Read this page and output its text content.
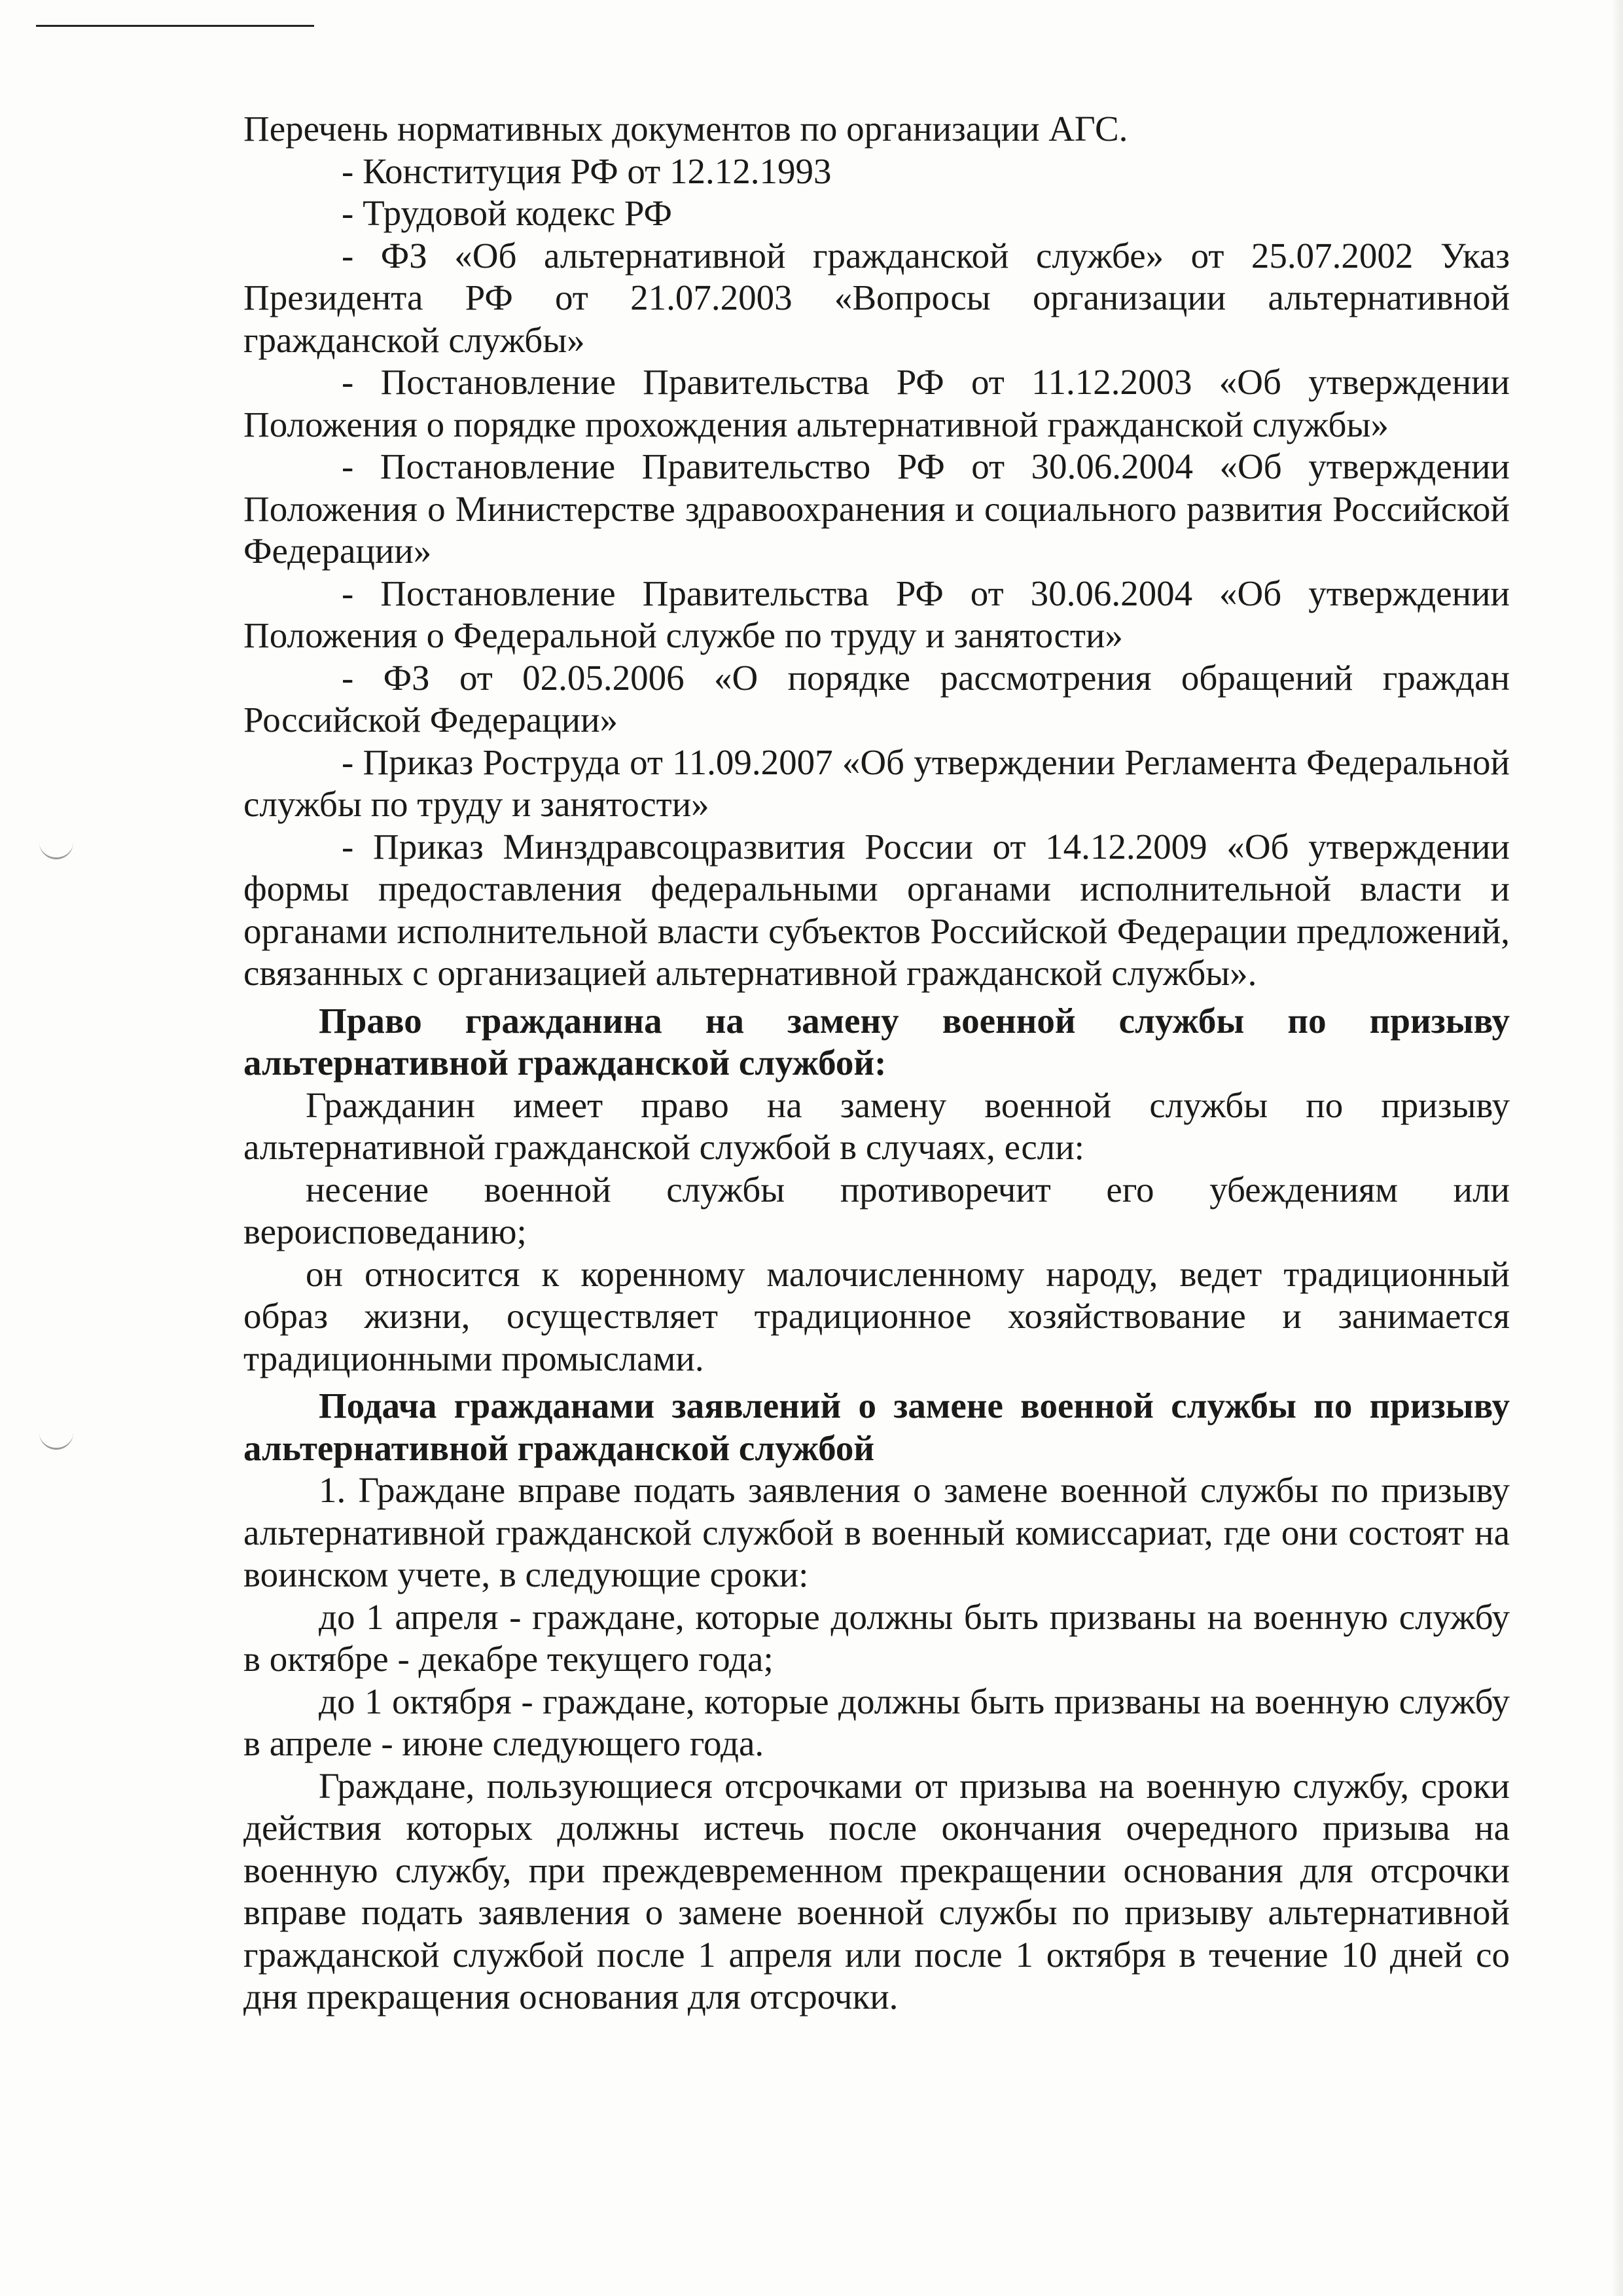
Перечень нормативных документов по организации АГС.

- Конституция РФ от 12.12.1993

- Трудовой кодекс РФ

- ФЗ «Об альтернативной гражданской службе» от 25.07.2002 Указ Президента РФ от 21.07.2003 «Вопросы организации альтернативной гражданской службы»

- Постановление Правительства РФ от 11.12.2003 «Об утверждении Положения о порядке прохождения альтернативной гражданской службы»

- Постановление Правительство РФ от 30.06.2004 «Об утверждении Положения о Министерстве здравоохранения и социального развития Российской Федерации»

- Постановление Правительства РФ от 30.06.2004 «Об утверждении Положения о Федеральной службе по труду и занятости»

- ФЗ от 02.05.2006 «О порядке рассмотрения обращений граждан Российской Федерации»

- Приказ Роструда от 11.09.2007 «Об утверждении Регламента Федеральной службы по труду и занятости»

- Приказ Минздравсоцразвития России от 14.12.2009 «Об утверждении формы предоставления федеральными органами исполнительной власти и органами исполнительной власти субъектов Российской Федерации предложений, связанных с организацией альтернативной гражданской службы».

Право гражданина на замену военной службы по призыву альтернативной гражданской службой:

Гражданин имеет право на замену военной службы по призыву альтернативной гражданской службой в случаях, если:

несение военной службы противоречит его убеждениям или вероисповеданию;

он относится к коренному малочисленному народу, ведет традиционный образ жизни, осуществляет традиционное хозяйствование и занимается традиционными промыслами.

Подача гражданами заявлений о замене военной службы по призыву альтернативной гражданской службой

1. Граждане вправе подать заявления о замене военной службы по призыву альтернативной гражданской службой в военный комиссариат, где они состоят на воинском учете, в следующие сроки:

до 1 апреля - граждане, которые должны быть призваны на военную службу в октябре - декабре текущего года;

до 1 октября - граждане, которые должны быть призваны на военную службу в апреле - июне следующего года.

Граждане, пользующиеся отсрочками от призыва на военную службу, сроки действия которых должны истечь после окончания очередного призыва на военную службу, при преждевременном прекращении основания для отсрочки вправе подать заявления о замене военной службы по призыву альтернативной гражданской службой после 1 апреля или после 1 октября в течение 10 дней со дня прекращения основания для отсрочки.
